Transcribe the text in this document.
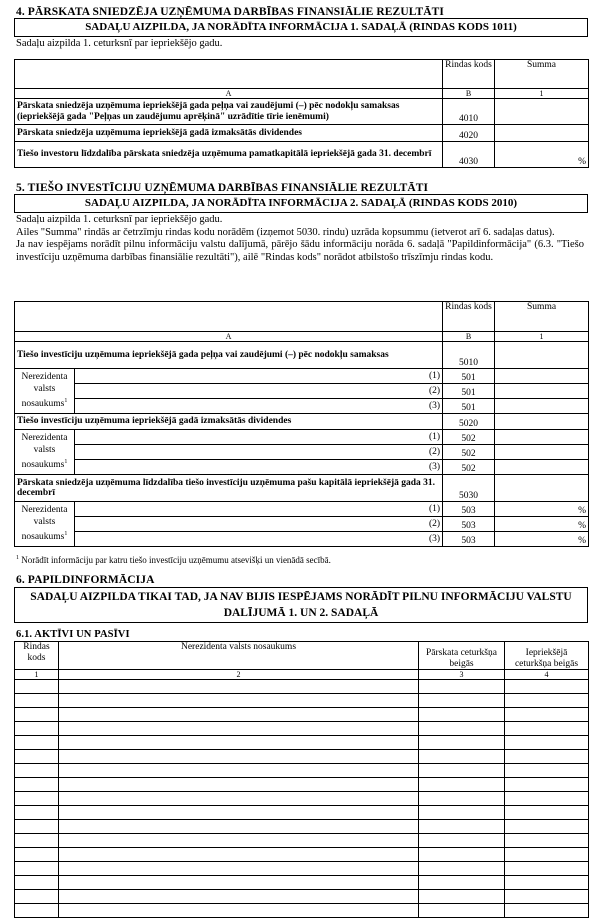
4. PĀRSKATA SNIEDZĒJA UZŅĒMUMA DARBĪBAS FINANSIĀLIE REZULTĀTI
SADAĻU AIZPILDA, JA NORĀDĪTA INFORMĀCIJA 1. SADAĻĀ (RINDAS KODS 1011)
Sadaļu aizpilda 1. ceturksnī par iepriekšējo gadu.
	Rindas kods	Summa
A	B	1
Pārskata sniedzēja uzņēmuma iepriekšējā gada peļņa vai zaudējumi (–) pēc nodokļu samaksas (iepriekšējā gada "Peļņas un zaudējumu aprēķinā" uzrādītie tīrie ienēmumi)	4010	
Pārskata sniedzēja uzņēmuma iepriekšējā gadā izmaksātās dividendes	4020	
Tiešo investoru līdzdalība pārskata sniedzēja uzņēmuma pamatkapitālā iepriekšējā gada 31. decembrī	4030	%
5. TIEŠO INVESTĪCIJU UZŅĒMUMA DARBĪBAS FINANSIĀLIE REZULTĀTI
SADAĻU AIZPILDA, JA NORĀDĪTA INFORMĀCIJA 2. SADAĻĀ (RINDAS KODS 2010)
Sadaļu aizpilda 1. ceturksnī par iepriekšējo gadu.
Ailes "Summa" rindās ar četrzīmju rindas kodu norādēm (izņemot 5030. rindu) uzrāda kopsummu (ietverot arī 6. sadaļas datus).
Ja nav iespējams norādīt pilnu informāciju valstu dalījumā, pārējo šādu informāciju norāda 6. sadaļā "Papildinformācija" (6.3. "Tiešo investīciju uzņēmuma darbības finansiālie rezultāti"), ailē "Rindas kods" norādot atbilstošo trīszīmju rindas kodu.
			Rindas kods	Summa
A			B	1
Tiešo investīciju uzņēmuma iepriekšējā gada peļņa vai zaudējumi (–) pēc nodokļu samaksas			5010	
Nerezidenta valsts nosaukums$^1$		(1)	501	
		(2)	501	
		(3)	501	
Tiešo investīciju uzņēmuma iepriekšējā gadā izmaksātās dividendes			5020	
Nerezidenta valsts nosaukums$^1$		(1)	502	
		(2)	502	
		(3)	502	
Pārskata sniedzēja uzņēmuma līdzdalība tiešo investīciju uzņēmuma pašu kapitālā iepriekšējā gada 31. decembrī			5030	
Nerezidenta valsts nosaukums$^1$		(1)	503	%
		(2)	503	%
		(3)	503	%
$^1$ Norādīt informāciju par katru tiešo investīciju uzņēmumu atsevišķi un vienādā secībā.
6. PAPILDINFORMĀCIJA
SADAĻU AIZPILDA TIKAI TAD, JA NAV BIJIS IESPĒJAMS NORĀDĪT PILNU INFORMĀCIJU VALSTU
DALĪJUMĀ 1. UN 2. SADAĻĀ
6.1. AKTĪVI UN PASĪVI
Rindas kods	Nerezidenta valsts nosaukums	Pārskata ceturkšņa beigās	Iepriekšējā ceturkšņa beigās
1	2	3	4
